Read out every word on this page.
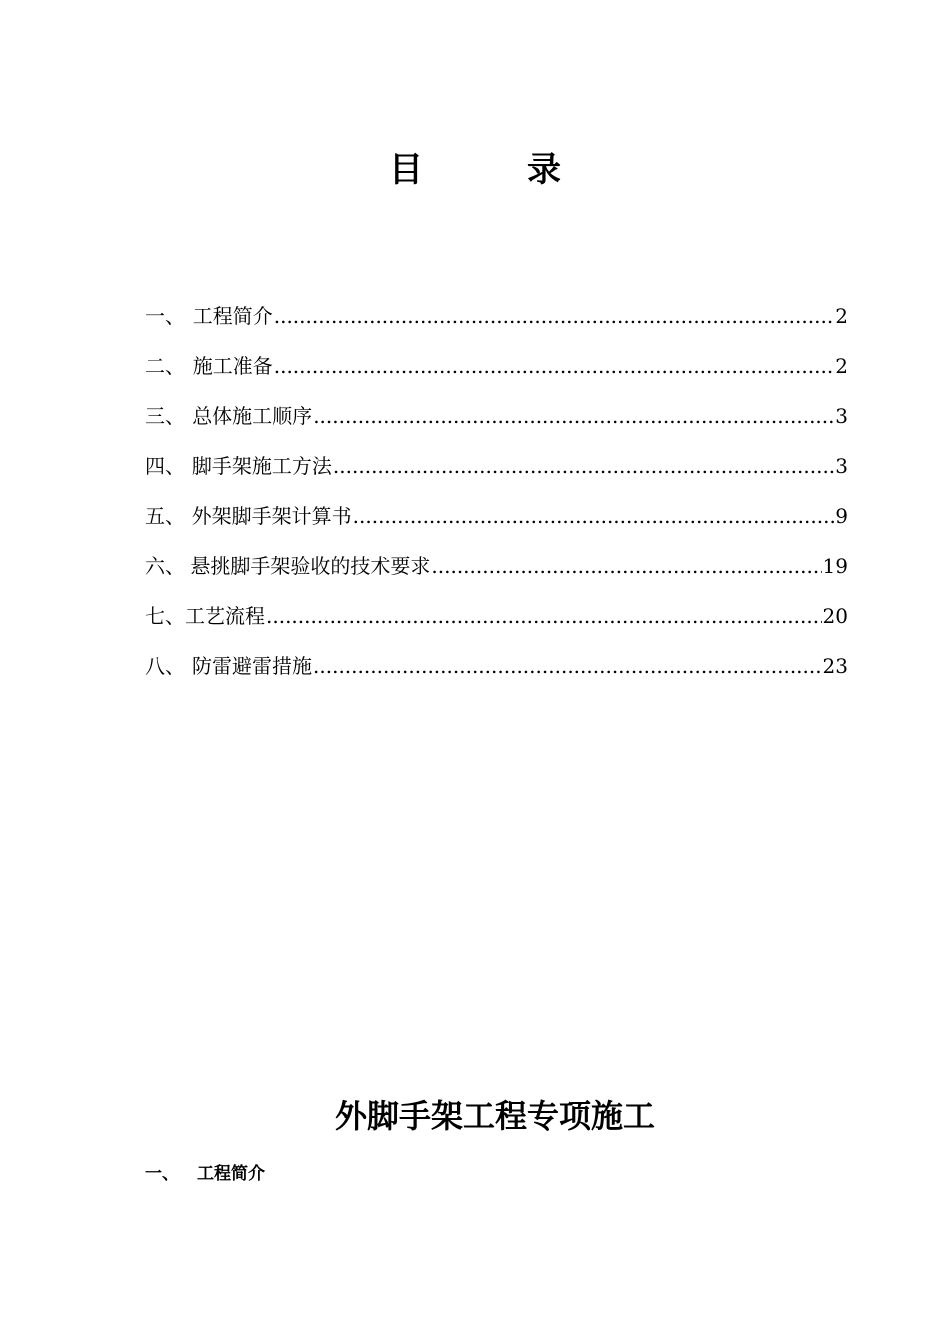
目	录
一、 工程简介 .....	2
二、 施工准备 .....	2
三、 总体施工顺序 .....	3
四、 脚手架施工方法 .....	3
五、 外架脚手架计算书 .....	9
六、 悬挑脚手架验收的技术要求 .....	19
七、 工艺流程 .....	20
八、 防雷避雷措施 .....	23
外脚手架工程专项施工
一、 工程简介
